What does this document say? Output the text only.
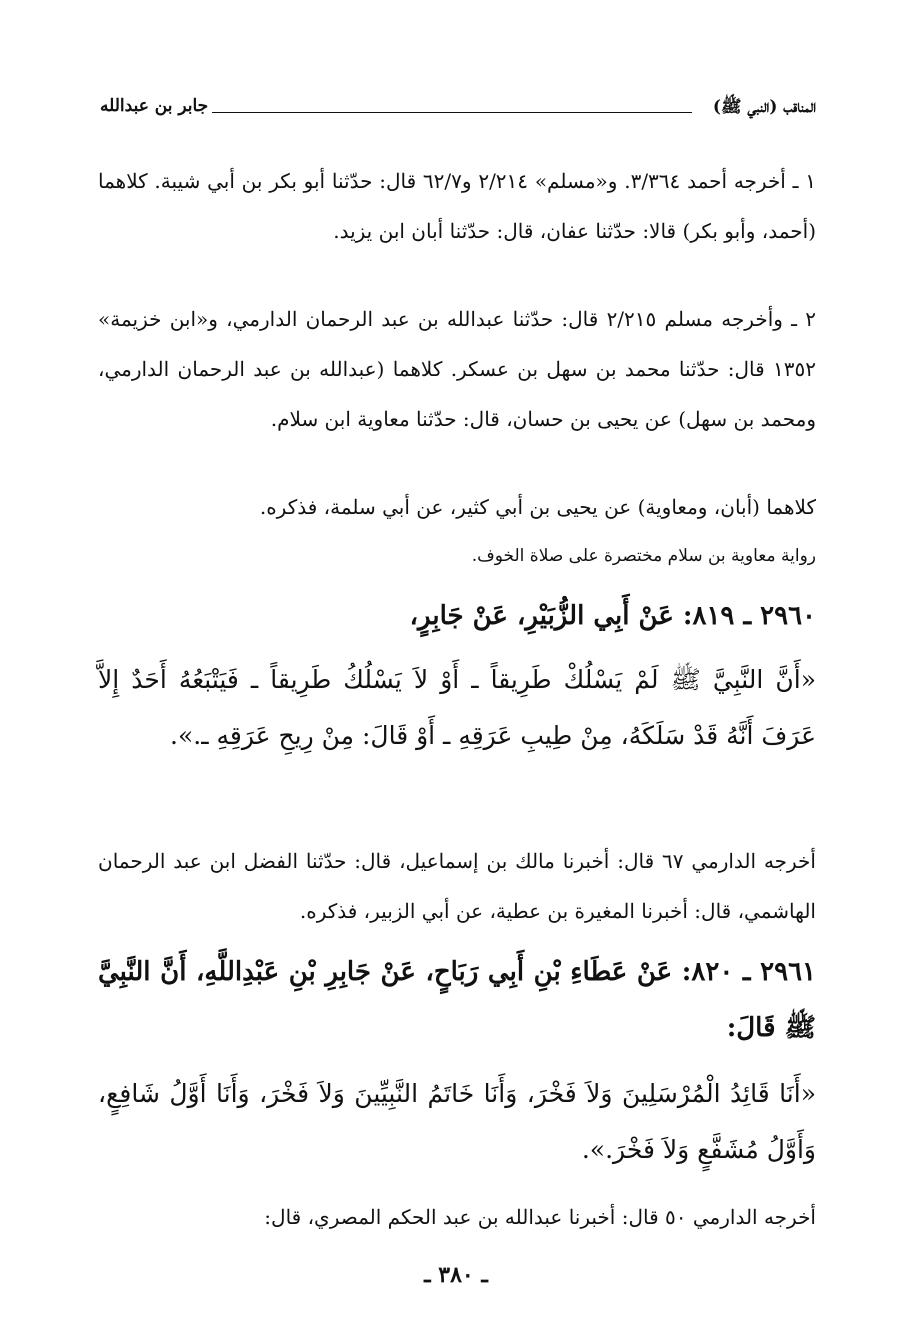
المناقب (النبي ﷺ)
جابر بن عبدالله
١ ـ أخرجه أحمد ٣/٣٦٤. و«مسلم» ٢/٢١٤ و٦٢/٧ قال: حدّثنا أبو بكر بن أبي شيبة. كلاهما (أحمد، وأبو بكر) قالا: حدّثنا عفان، قال: حدّثنا أبان ابن يزيد.
٢ ـ وأخرجه مسلم ٢/٢١٥ قال: حدّثنا عبدالله بن عبد الرحمان الدارمي، و«ابن خزيمة» ١٣٥٢ قال: حدّثنا محمد بن سهل بن عسكر. كلاهما (عبدالله بن عبد الرحمان الدارمي، ومحمد بن سهل) عن يحيى بن حسان، قال: حدّثنا معاوية ابن سلام.
كلاهما (أبان، ومعاوية) عن يحيى بن أبي كثير، عن أبي سلمة، فذكره.
رواية معاوية بن سلام مختصرة على صلاة الخوف.
٢٩٦٠ ـ ٨١٩: عَنْ أَبِي الزُّبَيْرِ، عَنْ جَابِرٍ،
«أَنَّ النَّبِيَّ ﷺ لَمْ يَسْلُكْ طَرِيقاً ـ أَوْ لاَ يَسْلُكُ طَرِيقاً ـ فَيَتْبَعُهُ أَحَدٌ إِلاَّ عَرَفَ أَنَّهُ قَدْ سَلَكَهُ، مِنْ طِيبِ عَرَقِهِ ـ أَوْ قَالَ: مِنْ رِيحِ عَرَقِهِ ـ.».
أخرجه الدارمي ٦٧ قال: أخبرنا مالك بن إسماعيل، قال: حدّثنا الفضل ابن عبد الرحمان الهاشمي، قال: أخبرنا المغيرة بن عطية، عن أبي الزبير، فذكره.
٢٩٦١ ـ ٨٢٠: عَنْ عَطَاءِ بْنِ أَبِي رَبَاحٍ، عَنْ جَابِرِ بْنِ عَبْدِاللَّهِ، أَنَّ النَّبِيَّ ﷺ قَالَ:
«أَنَا قَائِدُ الْمُرْسَلِينَ وَلاَ فَخْرَ، وَأَنَا خَاتَمُ النَّبِيِّينَ وَلاَ فَخْرَ، وَأَنَا أَوَّلُ شَافِعٍ، وَأَوَّلُ مُشَفَّعٍ وَلاَ فَخْرَ.».
أخرجه الدارمي ٥٠ قال: أخبرنا عبدالله بن عبد الحكم المصري، قال:
ـ ٣٨٠ ـ
